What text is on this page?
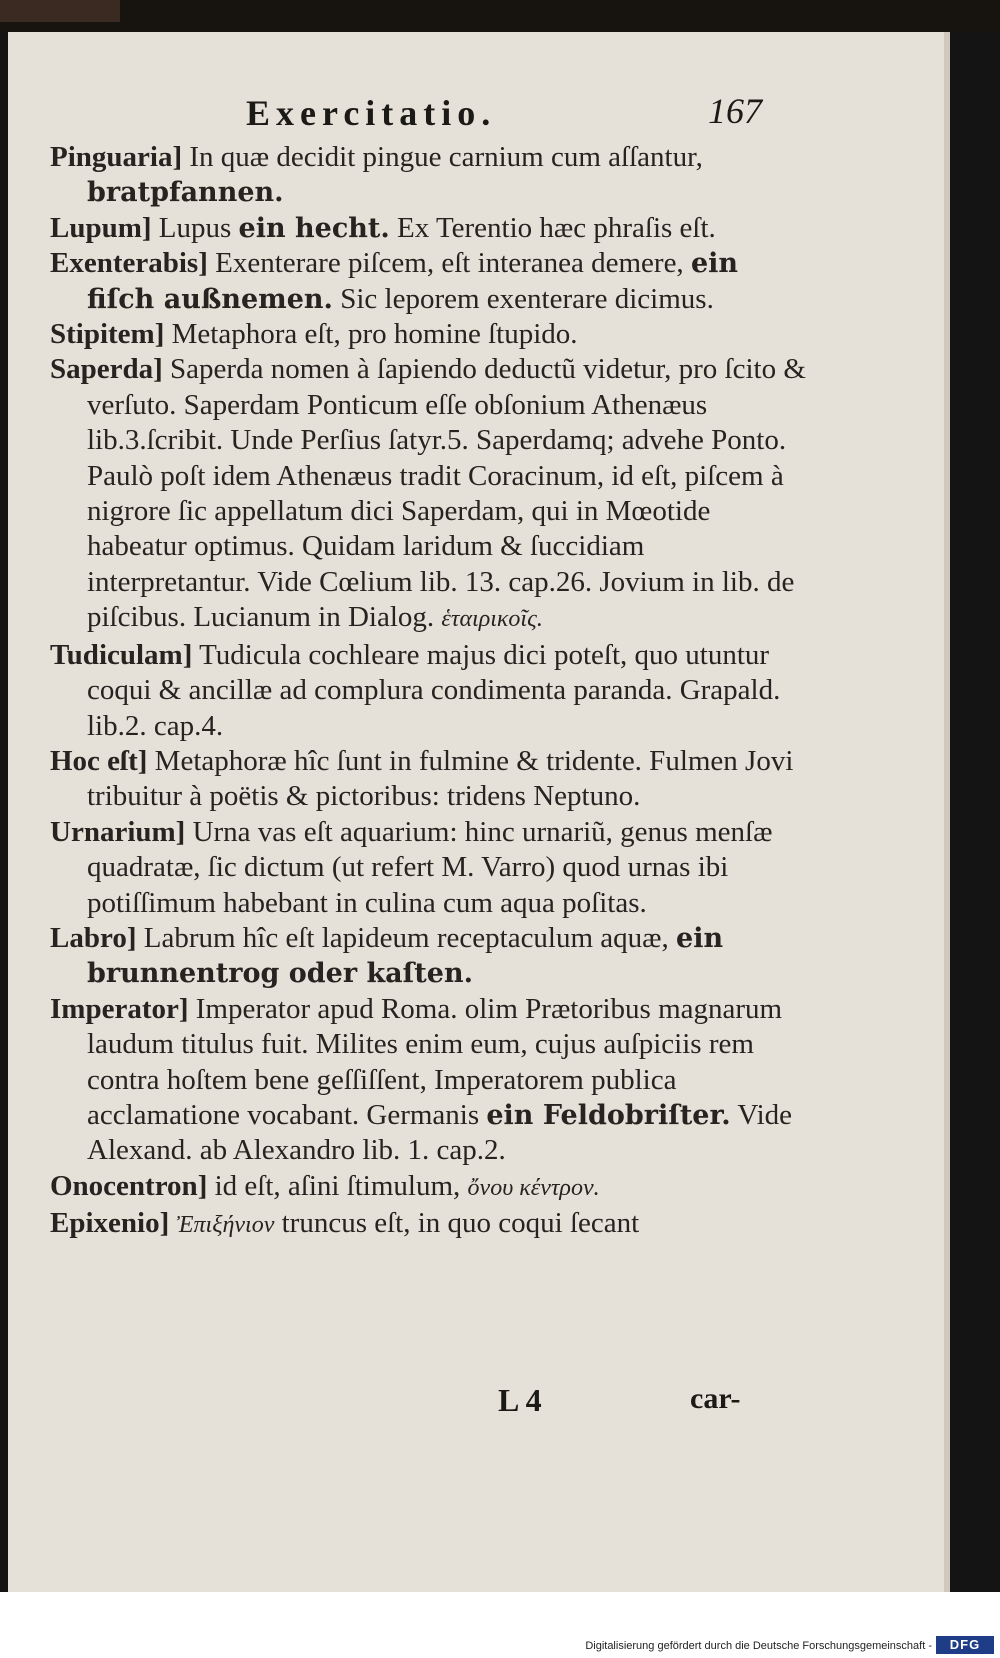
Exercitatio.	167

Pinguaria] In quæ decidit pingue carnium cum aſſantur, bratpfannen.

Lupum] Lupus ein hecht. Ex Terentio hæc phraſis eſt.

Exenterabis] Exenterare piſcem, eſt interanea demere, ein fiſch außnemen. Sic leporem exenterare dicimus.

Stipitem] Metaphora eſt, pro homine ſtupido.

Saperda] Saperda nomen à ſapiendo deductũ videtur, pro ſcito & verſuto. Saperdam Ponticum eſſe obſonium Athenæus lib.3.ſcribit. Unde Perſius ſatyr.5. Saperdamq; advehe Ponto. Paulò poſt idem Athenæus tradit Coracinum, id eſt, piſcem à nigrore ſic appellatum dici Saperdam, qui in Mœotide habeatur optimus. Quidam laridum & ſuccidiam interpretantur. Vide Cœlium lib. 13. cap.26. Jovium in lib. de piſcibus. Lucianum in Dialog. ἑταιρικοῖς.

Tudiculam] Tudicula cochleare majus dici poteſt, quo utuntur coqui & ancillæ ad complura condimenta paranda. Grapald. lib.2. cap.4.

Hoc eſt] Metaphoræ hîc ſunt in fulmine & tridente. Fulmen Jovi tribuitur à poëtis & pictoribus: tridens Neptuno.

Urnarium] Urna vas eſt aquarium: hinc urnariũ, genus menſæ quadratæ, ſic dictum (ut refert M. Varro) quod urnas ibi potiſſimum habebant in culina cum aqua poſitas.

Labro] Labrum hîc eſt lapideum receptaculum aquæ, ein brunnentrog oder kaſten.

Imperator] Imperator apud Roma. olim Prætoribus magnarum laudum titulus fuit. Milites enim eum, cujus auſpiciis rem contra hoſtem bene geſſiſſent, Imperatorem publica acclamatione vocabant. Germanis ein Feldobriſter. Vide Alexand. ab Alexandro lib. 1. cap.2.

Onocentron] id eſt, aſini ſtimulum, ὄνου κέντρον.

Epixenio] Ἐπιξήνιον truncus eſt, in quo coqui ſecant

L 4	car-
Digitalisierung gefördert durch die Deutsche Forschungsgemeinschaft -	DFG
